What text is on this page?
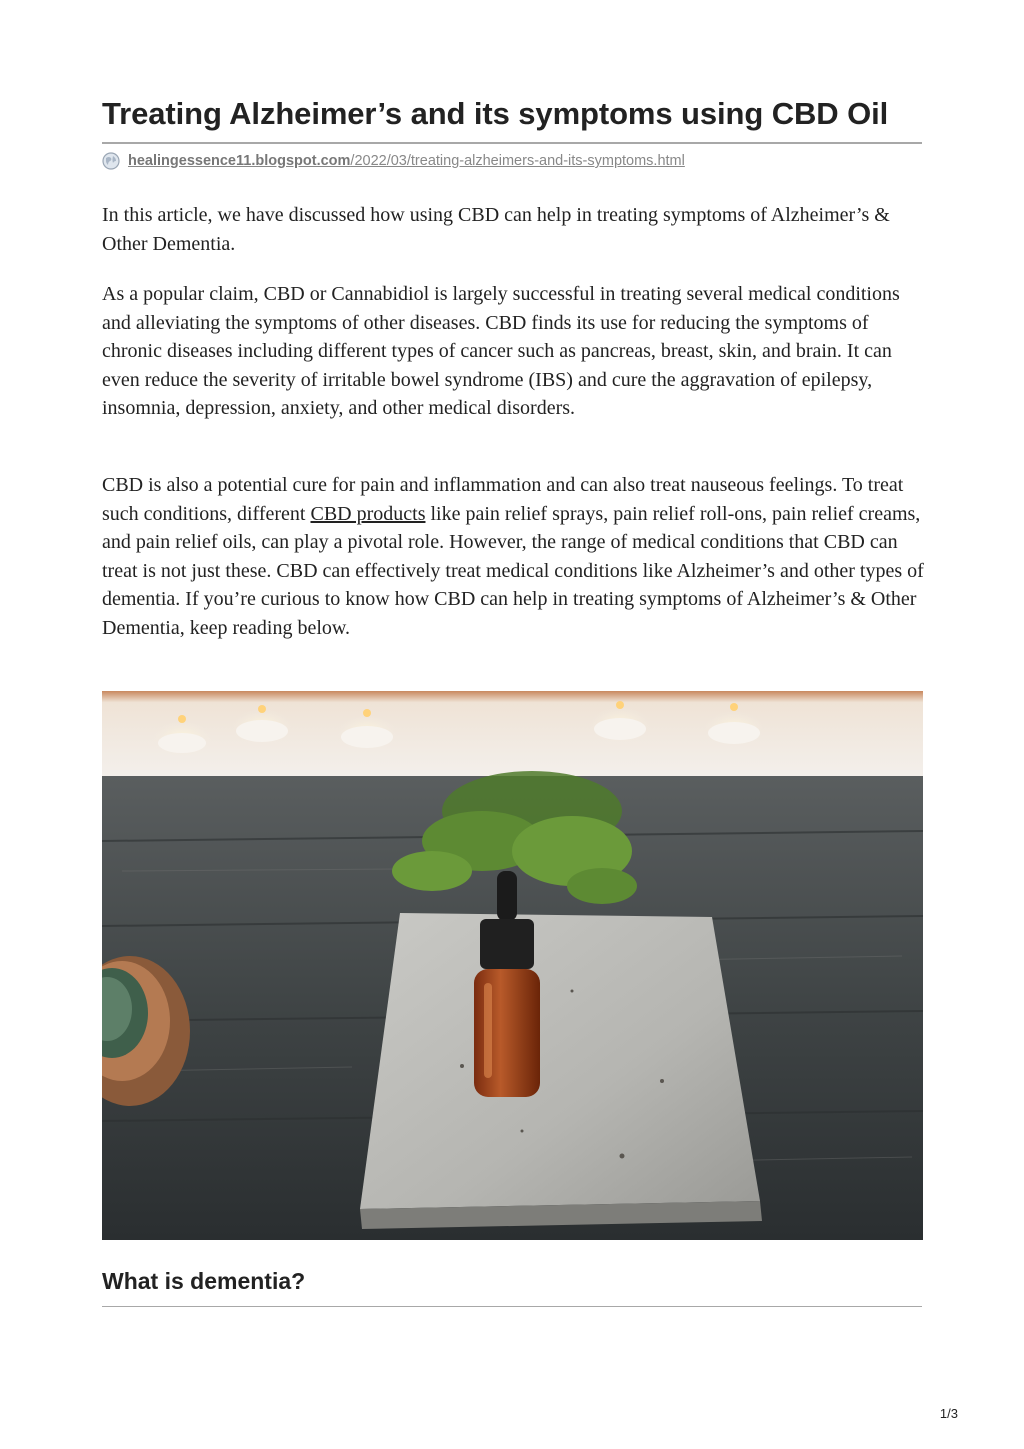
Treating Alzheimer’s and its symptoms using CBD Oil
healingessence11.blogspot.com/2022/03/treating-alzheimers-and-its-symptoms.html

In this article, we have discussed how using CBD can help in treating symptoms of Alzheimer’s & Other Dementia.

As a popular claim, CBD or Cannabidiol is largely successful in treating several medical conditions and alleviating the symptoms of other diseases. CBD finds its use for reducing the symptoms of chronic diseases including different types of cancer such as pancreas, breast, skin, and brain. It can even reduce the severity of irritable bowel syndrome (IBS) and cure the aggravation of epilepsy, insomnia, depression, anxiety, and other medical disorders.

CBD is also a potential cure for pain and inflammation and can also treat nauseous feelings. To treat such conditions, different CBD products like pain relief sprays, pain relief roll-ons, pain relief creams, and pain relief oils, can play a pivotal role. However, the range of medical conditions that CBD can treat is not just these. CBD can effectively treat medical conditions like Alzheimer’s and other types of dementia. If you’re curious to know how CBD can help in treating symptoms of Alzheimer’s & Other Dementia, keep reading below.

What is dementia?
1/3
